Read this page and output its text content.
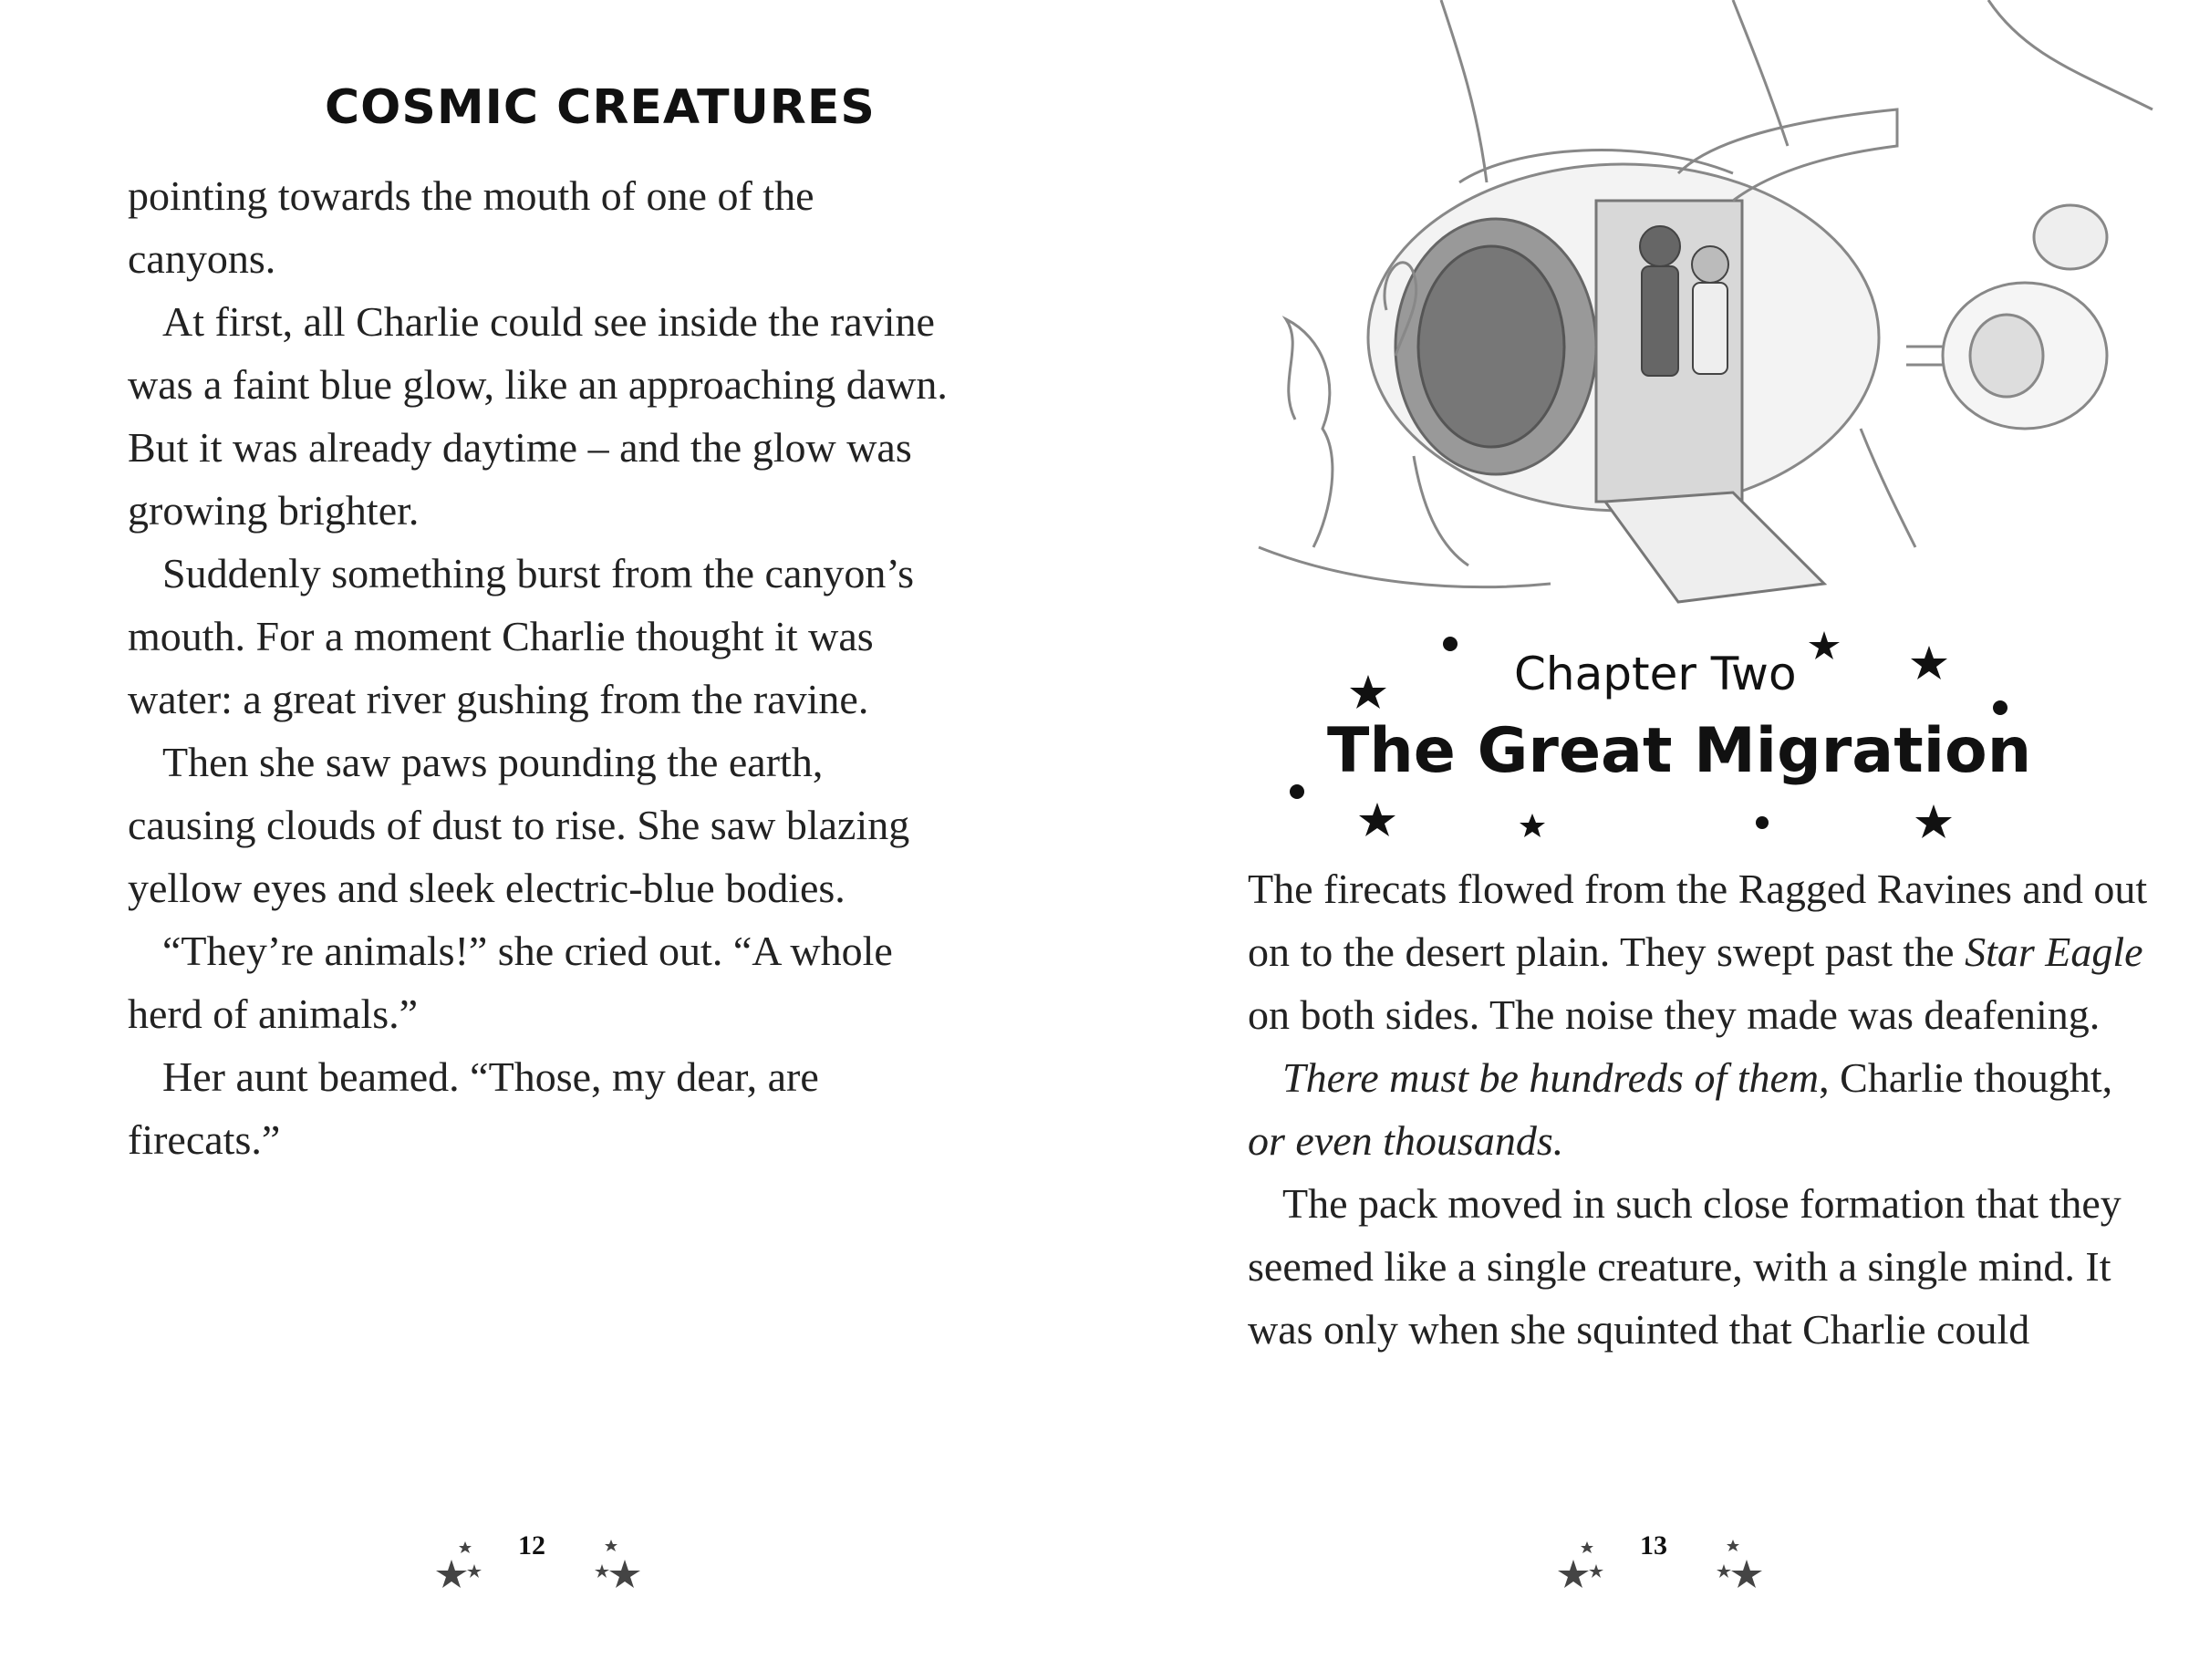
COSMIC CREATURES

pointing towards the mouth of one of the canyons.

At first, all Charlie could see inside the ravine was a faint blue glow, like an approaching dawn. But it was already daytime – and the glow was growing brighter.

Suddenly something burst from the canyon’s mouth. For a moment Charlie thought it was water: a great river gushing from the ravine.

Then she saw paws pounding the earth, causing clouds of dust to rise. She saw blazing yellow eyes and sleek electric-blue bodies.

“They’re animals!” she cried out. “A whole herd of animals.”

Her aunt beamed. “Those, my dear, are firecats.”

12

Chapter Two

The Great Migration

The firecats flowed from the Ragged Ravines and out on to the desert plain. They swept past the Star Eagle on both sides. The noise they made was deafening.

There must be hundreds of them, Charlie thought, or even thousands.

The pack moved in such close formation that they seemed like a single creature, with a single mind. It was only when she squinted that Charlie could

13
